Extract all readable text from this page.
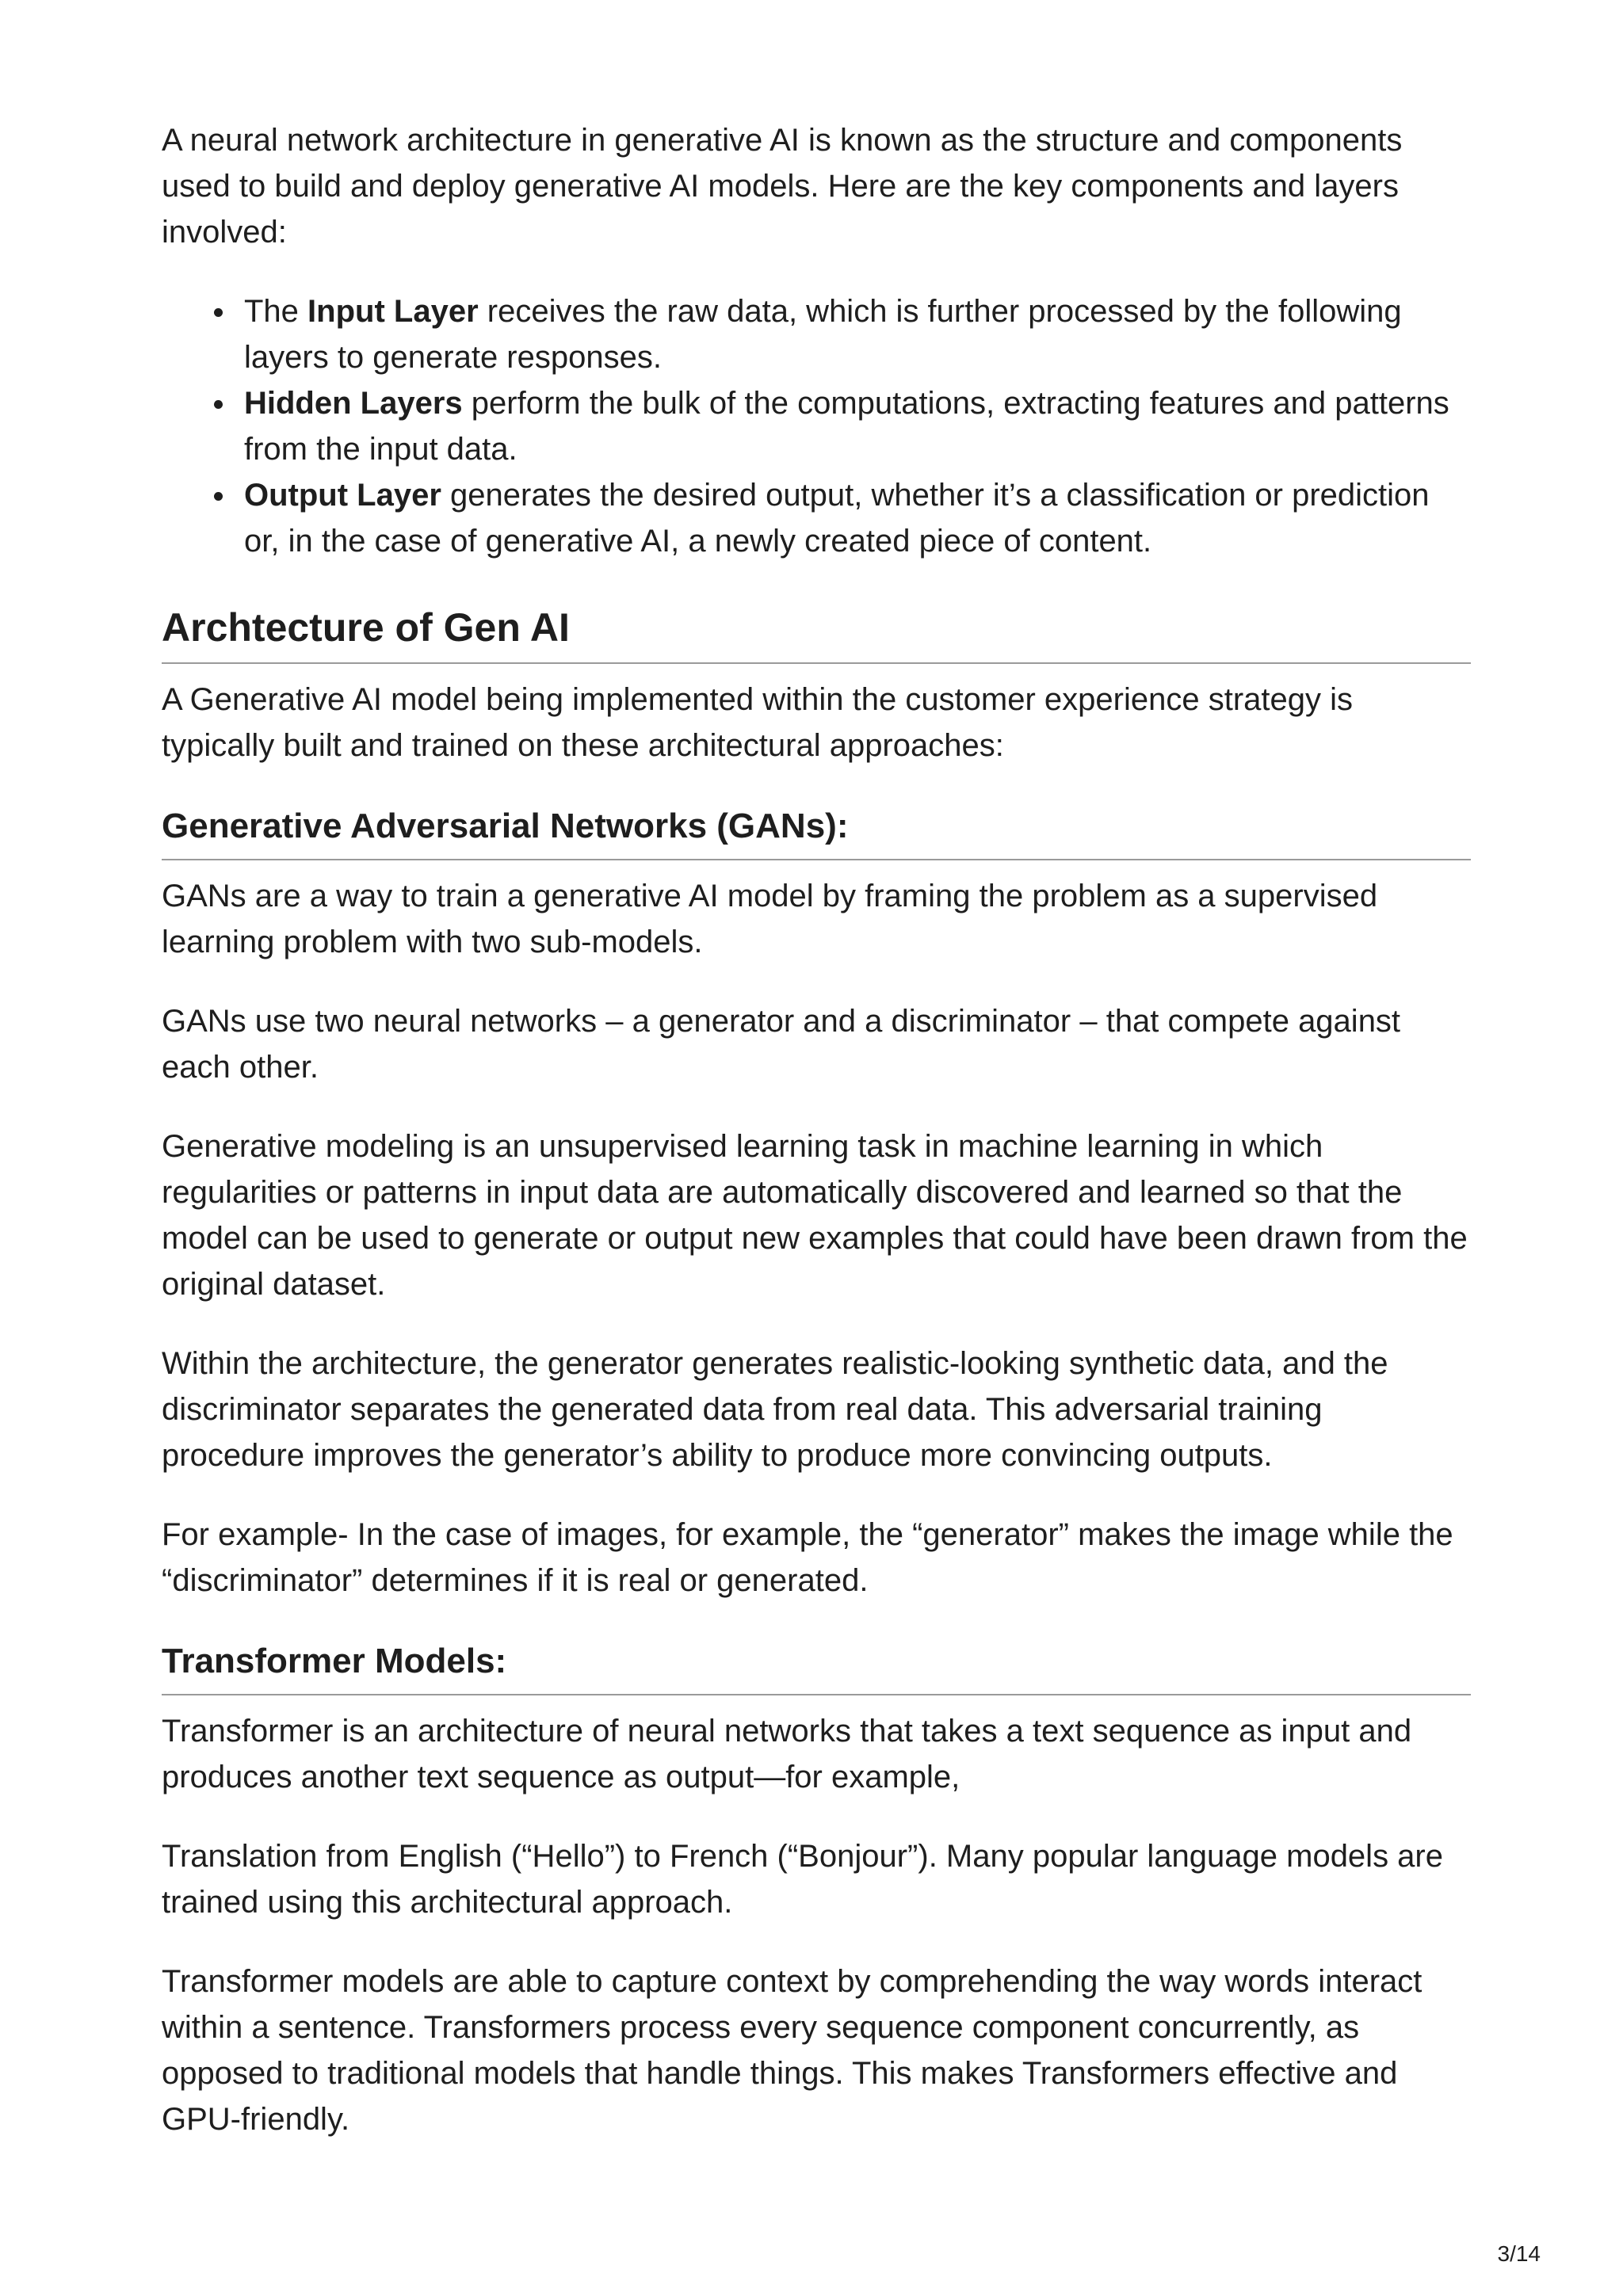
A neural network architecture in generative AI is known as the structure and components used to build and deploy generative AI models. Here are the key components and layers involved:

The Input Layer receives the raw data, which is further processed by the following layers to generate responses.
Hidden Layers perform the bulk of the computations, extracting features and patterns from the input data.
Output Layer generates the desired output, whether it’s a classification or prediction or, in the case of generative AI, a newly created piece of content.
Archtecture of Gen AI

A Generative AI model being implemented within the customer experience strategy is typically built and trained on these architectural approaches:

Generative Adversarial Networks (GANs):

GANs are a way to train a generative AI model by framing the problem as a supervised learning problem with two sub-models.

GANs use two neural networks – a generator and a discriminator – that compete against each other.

Generative modeling is an unsupervised learning task in machine learning in which regularities or patterns in input data are automatically discovered and learned so that the model can be used to generate or output new examples that could have been drawn from the original dataset.

Within the architecture, the generator generates realistic-looking synthetic data, and the discriminator separates the generated data from real data. This adversarial training procedure improves the generator’s ability to produce more convincing outputs.

For example- In the case of images, for example, the “generator” makes the image while the “discriminator” determines if it is real or generated.

Transformer Models:

Transformer is an architecture of neural networks that takes a text sequence as input and produces another text sequence as output—for example,

Translation from English (“Hello”) to French (“Bonjour”). Many popular language models are trained using this architectural approach.

Transformer models are able to capture context by comprehending the way words interact within a sentence. Transformers process every sequence component concurrently, as opposed to traditional models that handle things. This makes Transformers effective and GPU-friendly.

3/14
